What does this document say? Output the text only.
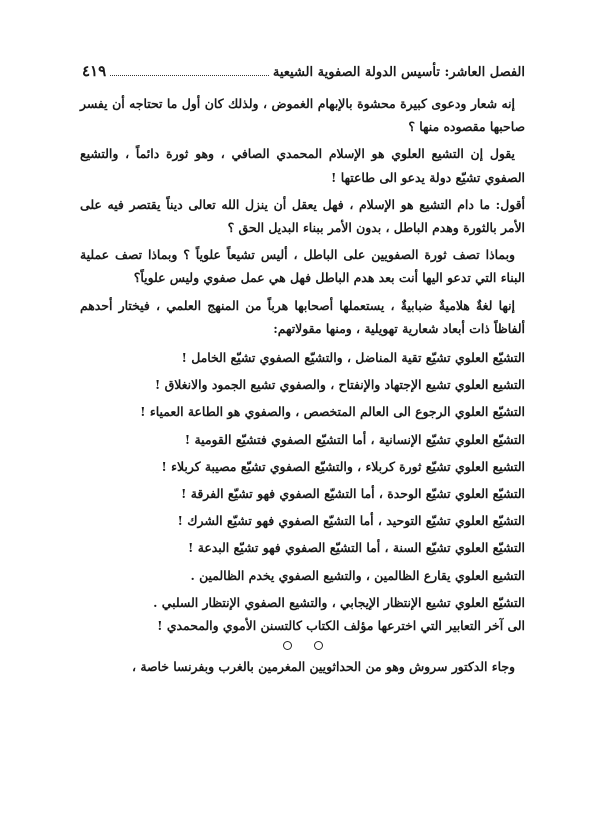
الفصل العاشر: تأسيس الدولة الصفوية الشيعية
٤١٩

إنه شعار ودعوى كبيرة محشوة بالإبهام الغموض ، ولذلك كان أول ما تحتاجه أن يفسر صاحبها مقصوده منها ؟

يقول إن التشيع العلوي هو الإسلام المحمدي الصافي ، وهو ثورة دائماً ، والتشيع الصفوي تشيّع دولة يدعو الى طاعتها !

أقول: ما دام التشيع هو الإسلام ، فهل يعقل أن ينزل الله تعالى ديناً يقتصر فيه على الأمر بالثورة وهدم الباطل ، بدون الأمر ببناء البديل الحق ؟

وبماذا تصف ثورة الصفويين على الباطل ، أليس تشيعاً علوياً ؟ وبماذا تصف عملية البناء التي تدعو اليها أنت بعد هدم الباطل فهل هي عمل صفوي وليس علوياً؟

إنها لغةٌ هلاميةٌ ضبابيةٌ ، يستعملها أصحابها هرباً من المنهج العلمي ، فيختار أحدهم ألفاظاً ذات أبعاد شعارية تهويلية ، ومنها مقولاتهم:

التشيّع العلوي تشيّع تقية المناضل ، والتشيّع الصفوي تشيّع الخامل !

التشيع العلوي تشيع الإجتهاد والإنفتاح ، والصفوي تشيع الجمود والانغلاق !

التشيّع العلوي الرجوع الى العالم المتخصص ، والصفوي هو الطاعة العمياء !

التشيّع العلوي تشيّع الإنسانية ، أما التشيّع الصفوي فتشيّع القومية !

التشيع العلوي تشيّع ثورة كربلاء ، والتشيّع الصفوي تشيّع مصيبة كربلاء !

التشيّع العلوي تشيّع الوحدة ، أما التشيّع الصفوي فهو تشيّع الفرقة !

التشيّع العلوي تشيّع التوحيد ، أما التشيّع الصفوي فهو تشيّع الشرك !

التشيّع العلوي تشيّع السنة ، أما التشيّع الصفوي فهو تشيّع البدعة !

التشيع العلوي يقارع الظالمين ، والتشيع الصفوي يخدم الظالمين .

التشيّع العلوي تشيع الإنتظار الإيجابي ، والتشيع الصفوي الإنتظار السلبي .

الى آخر التعابير التي اخترعها مؤلف الكتاب كالتسنن الأموي والمحمدي !

وجاء الدكتور سروش وهو من الحداثويين المغرمين بالغرب وبفرنسا خاصة ،
